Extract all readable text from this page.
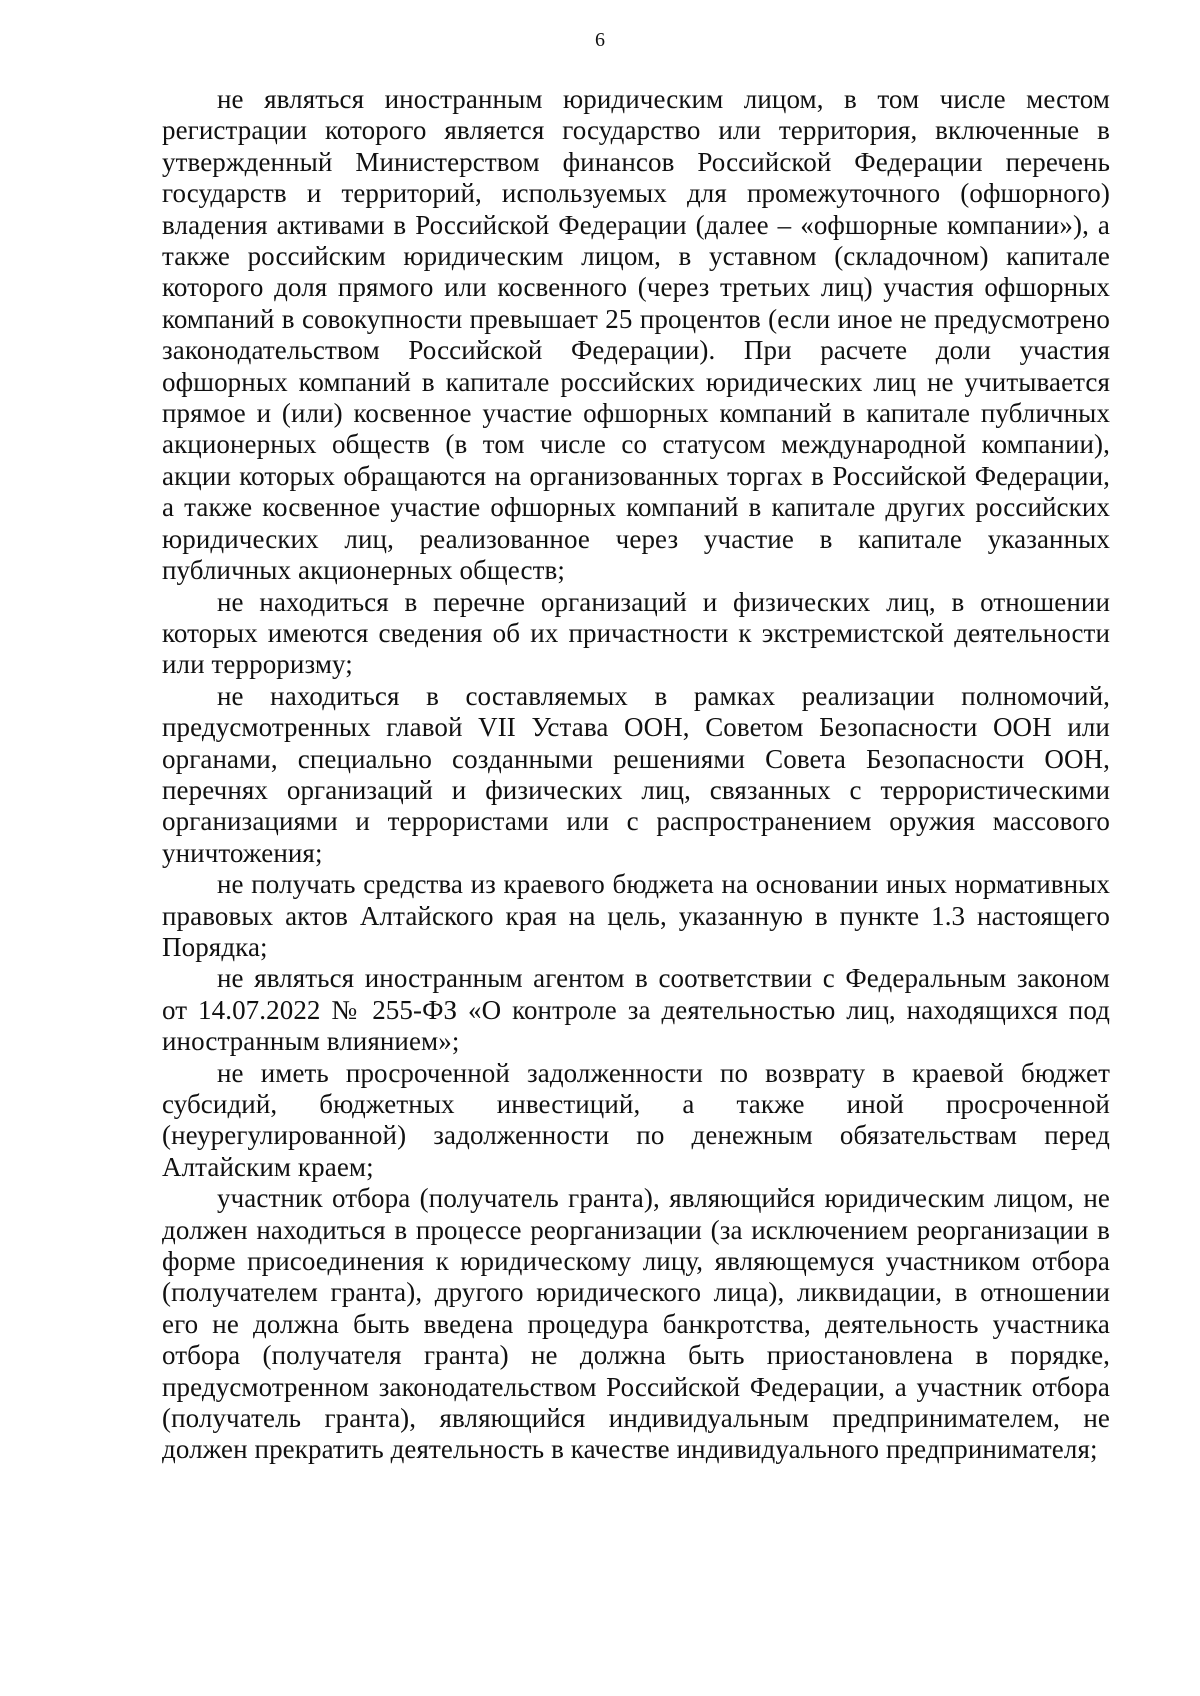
6

не являться иностранным юридическим лицом, в том числе местом регистрации которого является государство или территория, включенные в утвержденный Министерством финансов Российской Федерации перечень государств и территорий, используемых для промежуточного (офшорного) владения активами в Российской Федерации (далее – «офшорные компании»), а также российским юридическим лицом, в уставном (складочном) капитале которого доля прямого или косвенного (через третьих лиц) участия офшорных компаний в совокупности превышает 25 процентов (если иное не предусмотрено законодательством Российской Федерации). При расчете доли участия офшорных компаний в капитале российских юридических лиц не учитывается прямое и (или) косвенное участие офшорных компаний в капитале публичных акционерных обществ (в том числе со статусом международной компании), акции которых обращаются на организованных торгах в Российской Федерации, а также косвенное участие офшорных компаний в капитале других российских юридических лиц, реализованное через участие в капитале указанных публичных акционерных обществ;

не находиться в перечне организаций и физических лиц, в отношении которых имеются сведения об их причастности к экстремистской деятельности или терроризму;

не находиться в составляемых в рамках реализации полномочий, предусмотренных главой VII Устава ООН, Советом Безопасности ООН или органами, специально созданными решениями Совета Безопасности ООН, перечнях организаций и физических лиц, связанных с террористическими организациями и террористами или с распространением оружия массового уничтожения;

не получать средства из краевого бюджета на основании иных нормативных правовых актов Алтайского края на цель, указанную в пункте 1.3 настоящего Порядка;

не являться иностранным агентом в соответствии с Федеральным законом от 14.07.2022 № 255-ФЗ «О контроле за деятельностью лиц, находящихся под иностранным влиянием»;

не иметь просроченной задолженности по возврату в краевой бюджет субсидий, бюджетных инвестиций, а также иной просроченной (неурегулированной) задолженности по денежным обязательствам перед Алтайским краем;

участник отбора (получатель гранта), являющийся юридическим лицом, не должен находиться в процессе реорганизации (за исключением реорганизации в форме присоединения к юридическому лицу, являющемуся участником отбора (получателем гранта), другого юридического лица), ликвидации, в отношении его не должна быть введена процедура банкротства, деятельность участника отбора (получателя гранта) не должна быть приостановлена в порядке, предусмотренном законодательством Российской Федерации, а участник отбора (получатель гранта), являющийся индивидуальным предпринимателем, не должен прекратить деятельность в качестве индивидуального предпринимателя;
